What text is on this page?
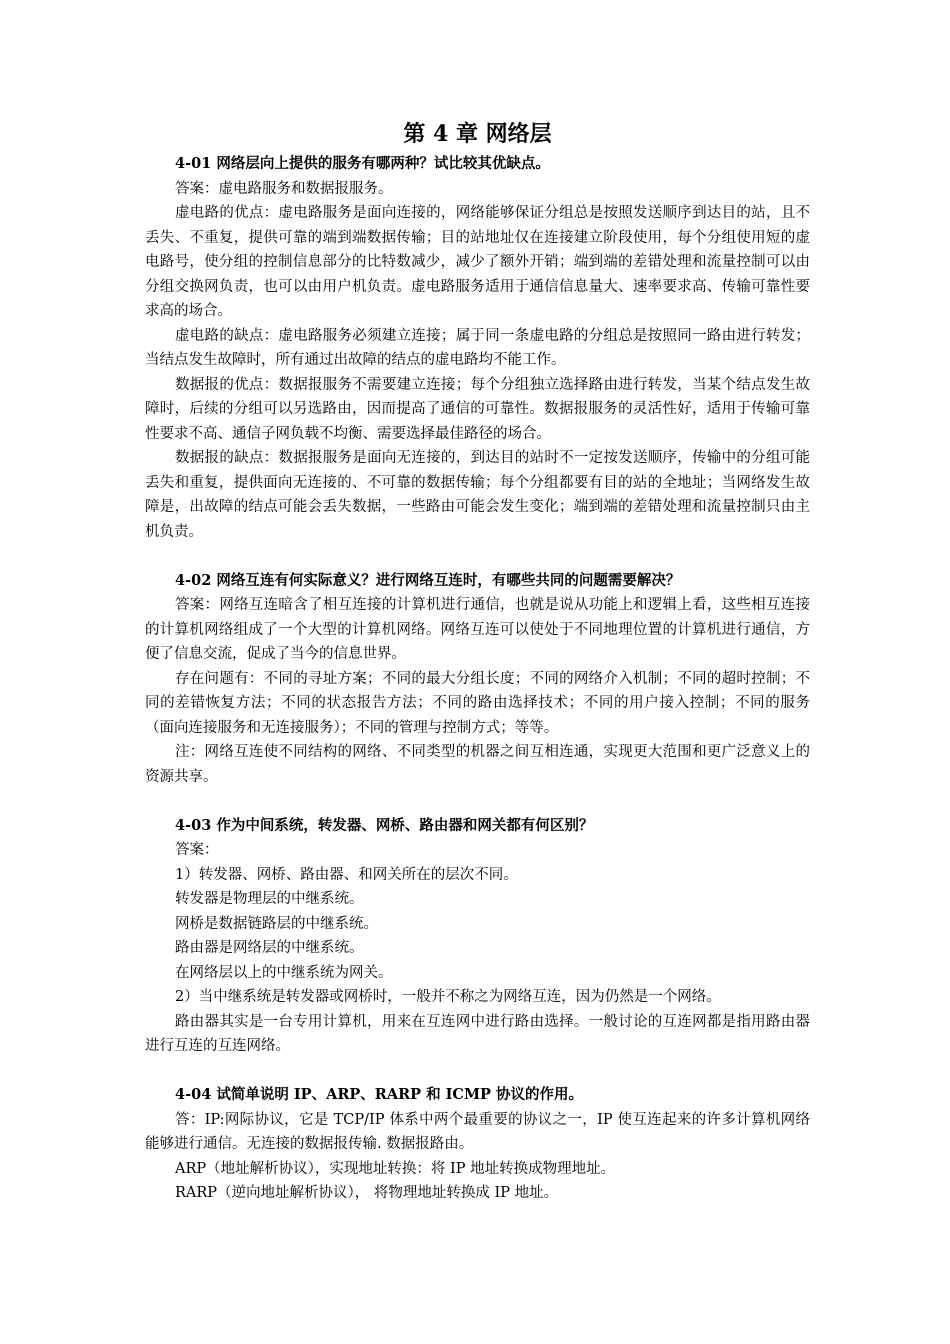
第 4 章 网络层
4-01 网络层向上提供的服务有哪两种？试比较其优缺点。

答案：虚电路服务和数据报服务。

虚电路的优点：虚电路服务是面向连接的，网络能够保证分组总是按照发送顺序到达目的站，且不丢失、不重复，提供可靠的端到端数据传输；目的站地址仅在连接建立阶段使用，每个分组使用短的虚电路号，使分组的控制信息部分的比特数减少，减少了额外开销；端到端的差错处理和流量控制可以由分组交换网负责，也可以由用户机负责。虚电路服务适用于通信信息量大、速率要求高、传输可靠性要求高的场合。

虚电路的缺点：虚电路服务必须建立连接；属于同一条虚电路的分组总是按照同一路由进行转发；当结点发生故障时，所有通过出故障的结点的虚电路均不能工作。

数据报的优点：数据报服务不需要建立连接；每个分组独立选择路由进行转发，当某个结点发生故障时，后续的分组可以另选路由，因而提高了通信的可靠性。数据报服务的灵活性好，适用于传输可靠性要求不高、通信子网负载不均衡、需要选择最佳路径的场合。

数据报的缺点：数据报服务是面向无连接的，到达目的站时不一定按发送顺序，传输中的分组可能丢失和重复，提供面向无连接的、不可靠的数据传输；每个分组都要有目的站的全地址；当网络发生故障是，出故障的结点可能会丢失数据，一些路由可能会发生变化；端到端的差错处理和流量控制只由主机负责。

4-02 网络互连有何实际意义？进行网络互连时，有哪些共同的问题需要解决？

答案：网络互连暗含了相互连接的计算机进行通信，也就是说从功能上和逻辑上看，这些相互连接的计算机网络组成了一个大型的计算机网络。网络互连可以使处于不同地理位置的计算机进行通信，方便了信息交流，促成了当今的信息世界。

存在问题有：不同的寻址方案；不同的最大分组长度；不同的网络介入机制；不同的超时控制；不同的差错恢复方法；不同的状态报告方法；不同的路由选择技术；不同的用户接入控制；不同的服务（面向连接服务和无连接服务）；不同的管理与控制方式；等等。

注：网络互连使不同结构的网络、不同类型的机器之间互相连通，实现更大范围和更广泛意义上的资源共享。

4-03 作为中间系统，转发器、网桥、路由器和网关都有何区别？

答案：

1）转发器、网桥、路由器、和网关所在的层次不同。

转发器是物理层的中继系统。

网桥是数据链路层的中继系统。

路由器是网络层的中继系统。

在网络层以上的中继系统为网关。

2）当中继系统是转发器或网桥时，一般并不称之为网络互连，因为仍然是一个网络。

路由器其实是一台专用计算机，用来在互连网中进行路由选择。一般讨论的互连网都是指用路由器进行互连的互连网络。

4-04 试简单说明 IP、ARP、RARP 和 ICMP 协议的作用。

答：IP:网际协议，它是 TCP/IP 体系中两个最重要的协议之一，IP 使互连起来的许多计算机网络能够进行通信。无连接的数据报传输. 数据报路由。

ARP（地址解析协议），实现地址转换：将 IP 地址转换成物理地址。

RARP（逆向地址解析协议）， 将物理地址转换成 IP 地址。
